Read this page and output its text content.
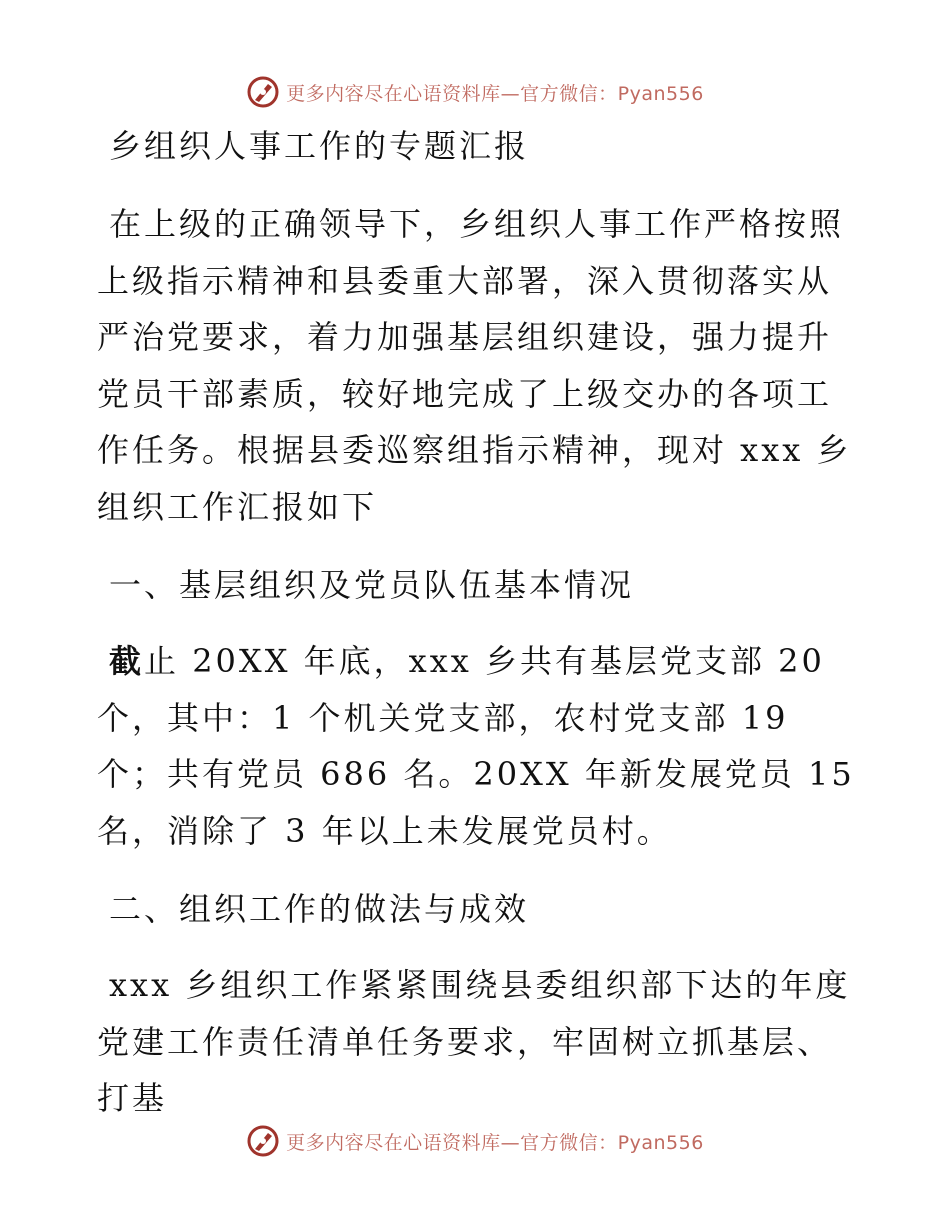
更多内容尽在心语资料库—官方微信：Pyan556

乡组织人事工作的专题汇报

在上级的正确领导下，乡组织人事工作严格按照上级指示精神和县委重大部署，深入贯彻落实从严治党要求，着力加强基层组织建设，强力提升党员干部素质，较好地完成了上级交办的各项工作任务。根据县委巡察组指示精神，现对 xxx 乡组织工作汇报如下

一、基层组织及党员队伍基本情况

截止 20XX 年底，xxx 乡共有基层党支部 20 个，其中：1 个机关党支部，农村党支部 19 个；共有党员 686 名。20XX 年新发展党员 15 名，消除了 3 年以上未发展党员村。

二、组织工作的做法与成效

xxx 乡组织工作紧紧围绕县委组织部下达的年度党建工作责任清单任务要求，牢固树立抓基层、打基

更多内容尽在心语资料库—官方微信：Pyan556
